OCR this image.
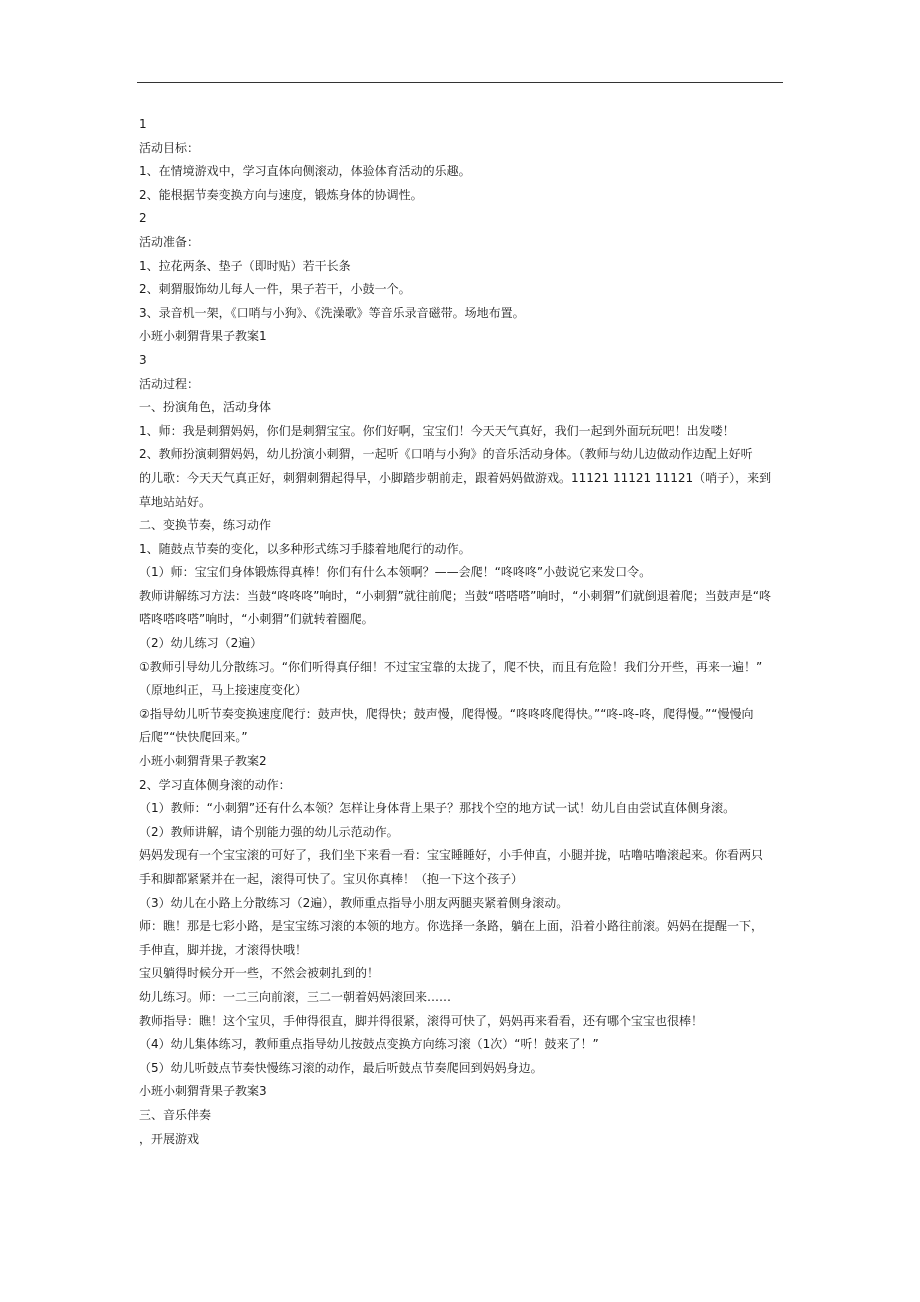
1
活动目标：
1、在情境游戏中，学习直体向侧滚动，体验体育活动的乐趣。
2、能根据节奏变换方向与速度，锻炼身体的协调性。
2
活动准备：
1、拉花两条、垫子（即时贴）若干长条
2、刺猬服饰幼儿每人一件，果子若干，小鼓一个。
3、录音机一架，《口哨与小狗》、《洗澡歌》等音乐录音磁带。场地布置。
小班小刺猬背果子教案1
3
活动过程：
一、扮演角色，活动身体
1、师：我是刺猬妈妈，你们是刺猬宝宝。你们好啊，宝宝们！今天天气真好，我们一起到外面玩玩吧！出发喽！
2、教师扮演刺猬妈妈，幼儿扮演小刺猬，一起听《口哨与小狗》的音乐活动身体。（教师与幼儿边做动作边配上好听
的儿歌：今天天气真正好，刺猬刺猬起得早，小脚踏步朝前走，跟着妈妈做游戏。11121 11121 11121（哨子），来到
草地站站好。
二、变换节奏，练习动作
1、随鼓点节奏的变化，以多种形式练习手膝着地爬行的动作。
（1）师：宝宝们身体锻炼得真棒！你们有什么本领啊？——会爬！“咚咚咚”小鼓说它来发口令。
教师讲解练习方法：当鼓“咚咚咚”响时，“小刺猬”就往前爬；当鼓“嗒嗒嗒”响时，“小刺猬”们就倒退着爬；当鼓声是“咚
嗒咚嗒咚嗒”响时，“小刺猬”们就转着圈爬。
（2）幼儿练习（2遍）
①教师引导幼儿分散练习。“你们听得真仔细！不过宝宝靠的太拢了，爬不快，而且有危险！我们分开些，再来一遍！”
（原地纠正，马上接速度变化）
②指导幼儿听节奏变换速度爬行：鼓声快，爬得快；鼓声慢，爬得慢。“咚咚咚爬得快。”“咚-咚-咚，爬得慢。”“慢慢向
后爬”“快快爬回来。”
小班小刺猬背果子教案2
2、学习直体侧身滚的动作：
（1）教师：“小刺猬”还有什么本领？怎样让身体背上果子？那找个空的地方试一试！幼儿自由尝试直体侧身滚。
（2）教师讲解，请个别能力强的幼儿示范动作。
妈妈发现有一个宝宝滚的可好了，我们坐下来看一看：宝宝睡睡好，小手伸直，小腿并拢，咕噜咕噜滚起来。你看两只
手和脚都紧紧并在一起，滚得可快了。宝贝你真棒！（抱一下这个孩子）
（3）幼儿在小路上分散练习（2遍），教师重点指导小朋友两腿夹紧着侧身滚动。
师：瞧！那是七彩小路，是宝宝练习滚的本领的地方。你选择一条路，躺在上面，沿着小路往前滚。妈妈在提醒一下，
手伸直，脚并拢，才滚得快哦！
宝贝躺得时候分开一些，不然会被刺扎到的！
幼儿练习。师：一二三向前滚，三二一朝着妈妈滚回来……
教师指导：瞧！这个宝贝，手伸得很直，脚并得很紧，滚得可快了，妈妈再来看看，还有哪个宝宝也很棒！
（4）幼儿集体练习，教师重点指导幼儿按鼓点变换方向练习滚（1次）“听！鼓来了！”
（5）幼儿听鼓点节奏快慢练习滚的动作，最后听鼓点节奏爬回到妈妈身边。
小班小刺猬背果子教案3
三、音乐伴奏
，开展游戏
